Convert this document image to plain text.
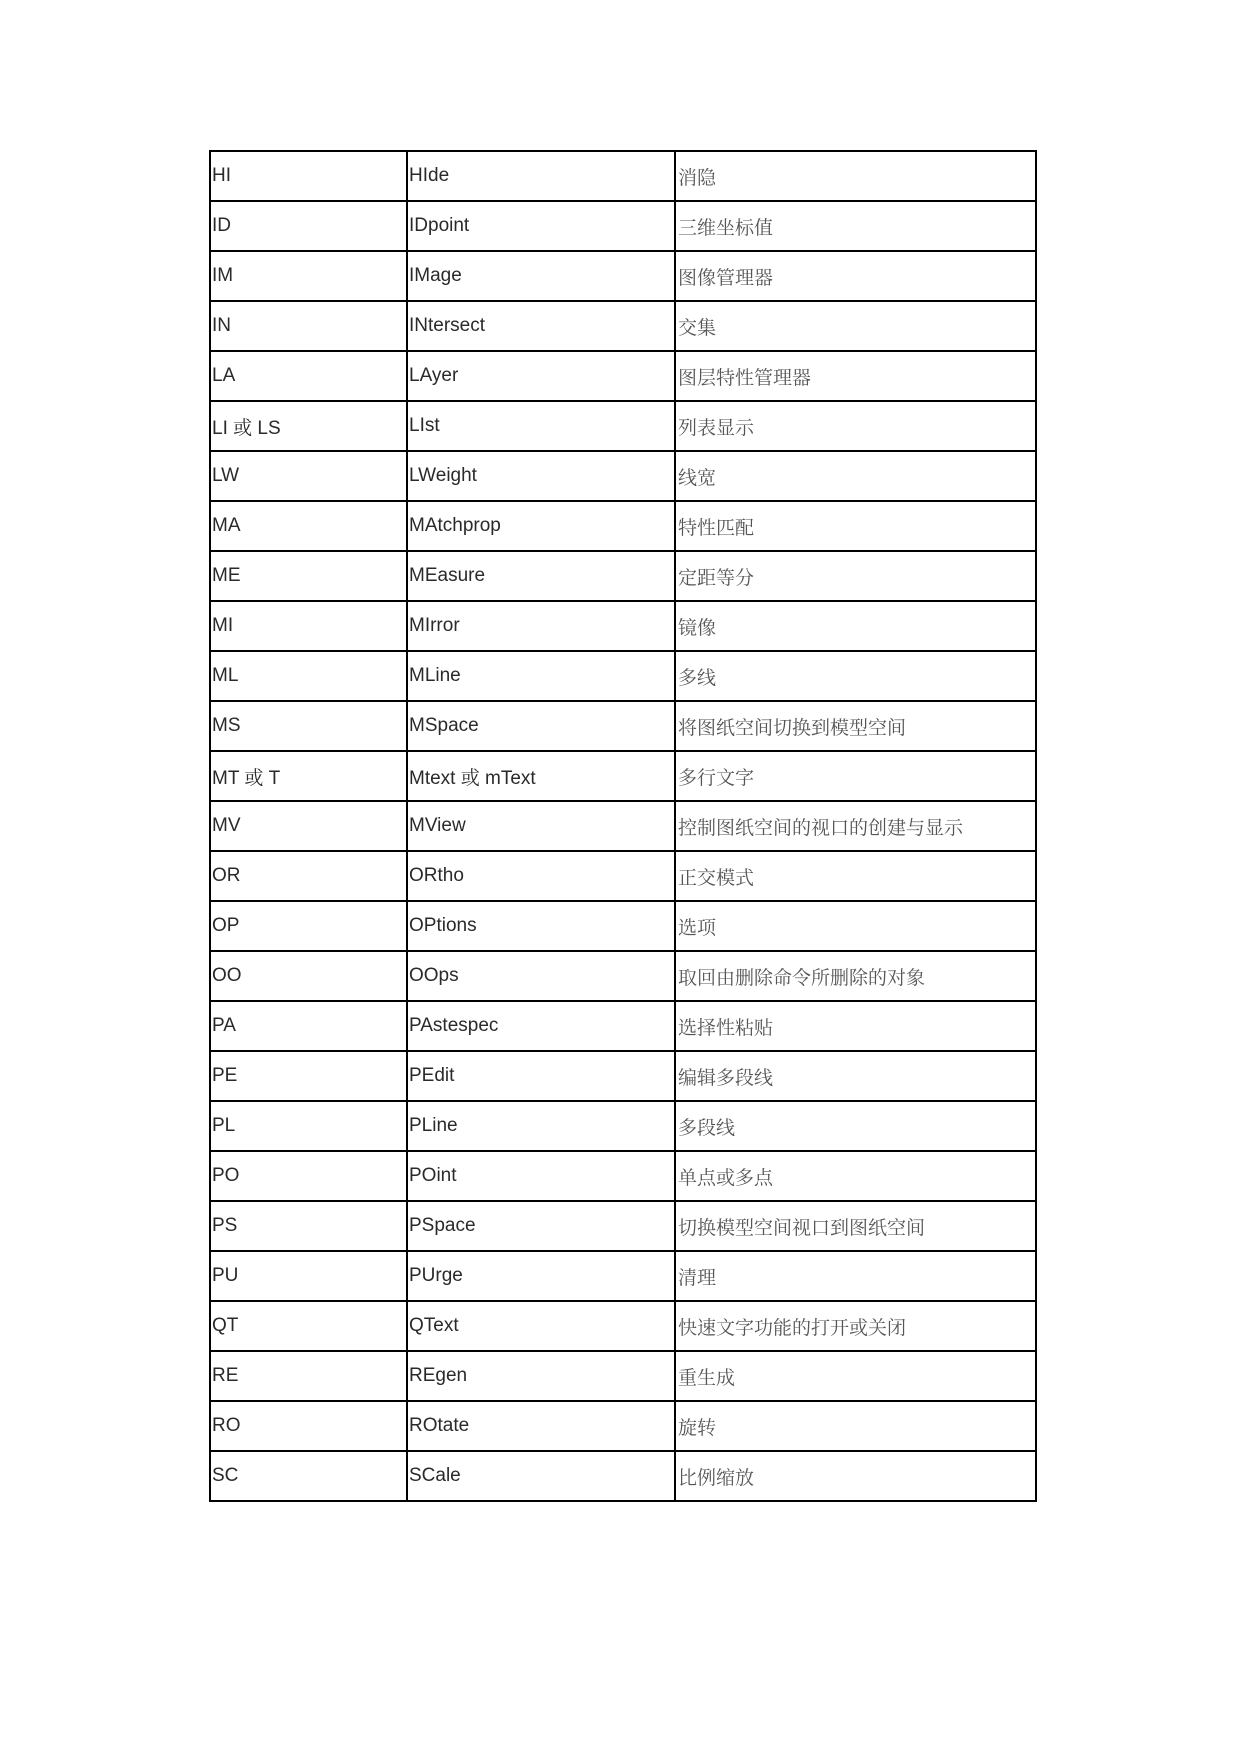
HI	HIde	消隐
ID	IDpoint	三维坐标值
IM	IMage	图像管理器
IN	INtersect	交集
LA	LAyer	图层特性管理器
LI 或 LS	LIst	列表显示
LW	LWeight	线宽
MA	MAtchprop	特性匹配
ME	MEasure	定距等分
MI	MIrror	镜像
ML	MLine	多线
MS	MSpace	将图纸空间切换到模型空间
MT 或 T	Mtext 或 mText	多行文字
MV	MView	控制图纸空间的视口的创建与显示
OR	ORtho	正交模式
OP	OPtions	选项
OO	OOps	取回由删除命令所删除的对象
PA	PAstespec	选择性粘贴
PE	PEdit	编辑多段线
PL	PLine	多段线
PO	POint	单点或多点
PS	PSpace	切换模型空间视口到图纸空间
PU	PUrge	清理
QT	QText	快速文字功能的打开或关闭
RE	REgen	重生成
RO	ROtate	旋转
SC	SCale	比例缩放
